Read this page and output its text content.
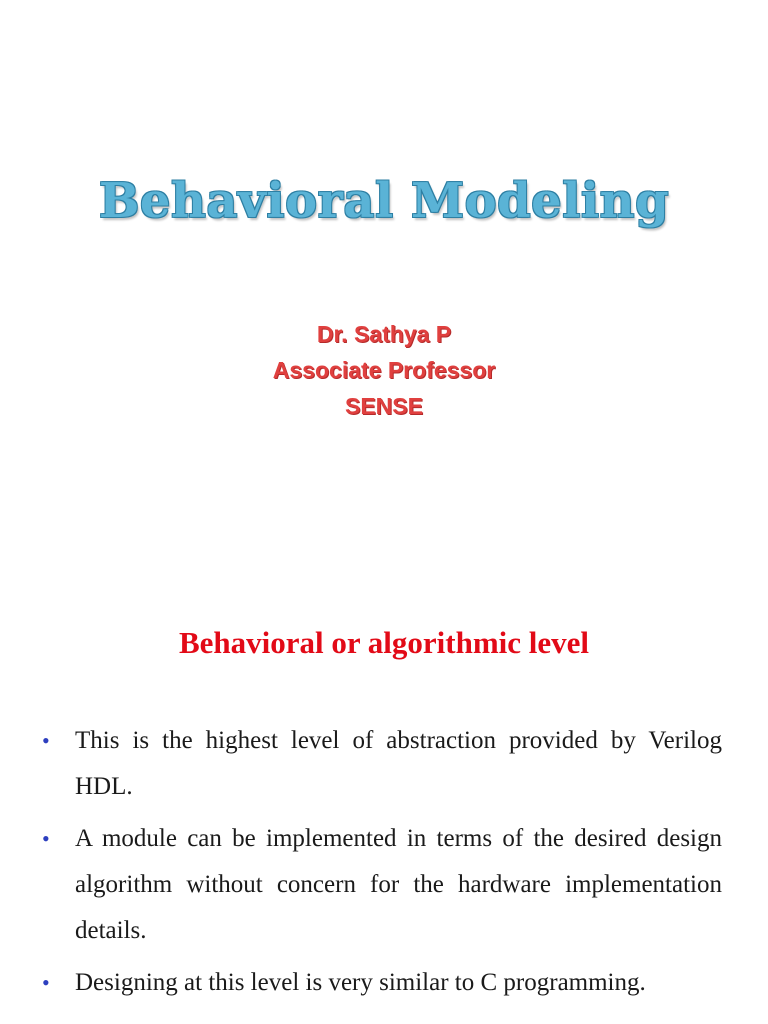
Behavioral Modeling
Dr. Sathya P
Associate Professor
SENSE
Behavioral or algorithmic level
• This is the highest level of abstraction provided by Verilog HDL.
• A module can be implemented in terms of the desired design algorithm without concern for the hardware implementation details.
• Designing at this level is very similar to C programming.
